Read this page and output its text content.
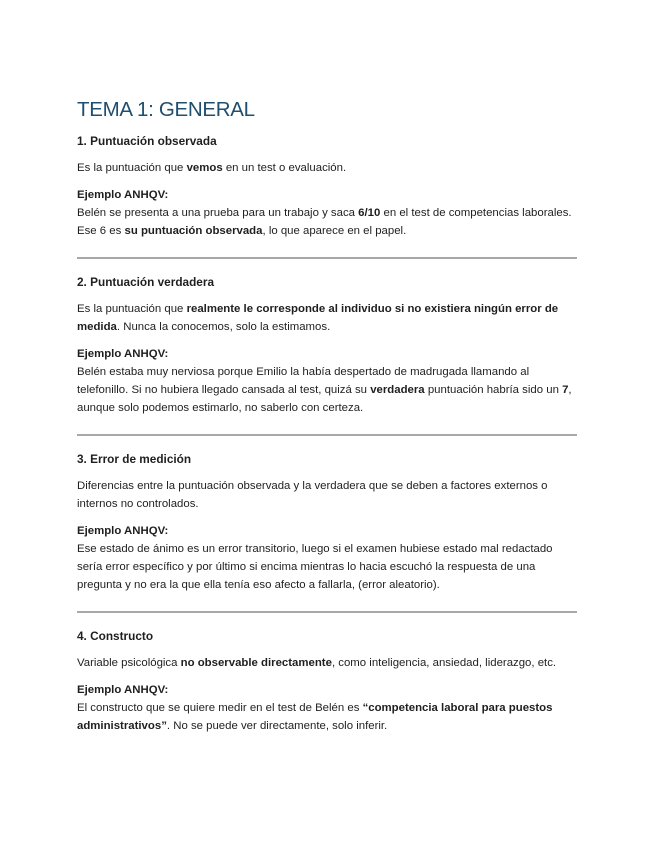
TEMA 1: GENERAL
1. Puntuación observada

Es la puntuación que vemos en un test o evaluación.

Ejemplo ANHQV:
Belén se presenta a una prueba para un trabajo y saca 6/10 en el test de competencias laborales. Ese 6 es su puntuación observada, lo que aparece en el papel.

2. Puntuación verdadera

Es la puntuación que realmente le corresponde al individuo si no existiera ningún error de medida. Nunca la conocemos, solo la estimamos.

Ejemplo ANHQV:
Belén estaba muy nerviosa porque Emilio la había despertado de madrugada llamando al telefonillo. Si no hubiera llegado cansada al test, quizá su verdadera puntuación habría sido un 7, aunque solo podemos estimarlo, no saberlo con certeza.

3. Error de medición

Diferencias entre la puntuación observada y la verdadera que se deben a factores externos o internos no controlados.

Ejemplo ANHQV:
Ese estado de ánimo es un error transitorio, luego si el examen hubiese estado mal redactado sería error específico y por último si encima mientras lo hacia escuchó la respuesta de una pregunta y no era la que ella tenía eso afecto a fallarla, (error aleatorio).

4. Constructo

Variable psicológica no observable directamente, como inteligencia, ansiedad, liderazgo, etc.

Ejemplo ANHQV:
El constructo que se quiere medir en el test de Belén es “competencia laboral para puestos administrativos”. No se puede ver directamente, solo inferir.
